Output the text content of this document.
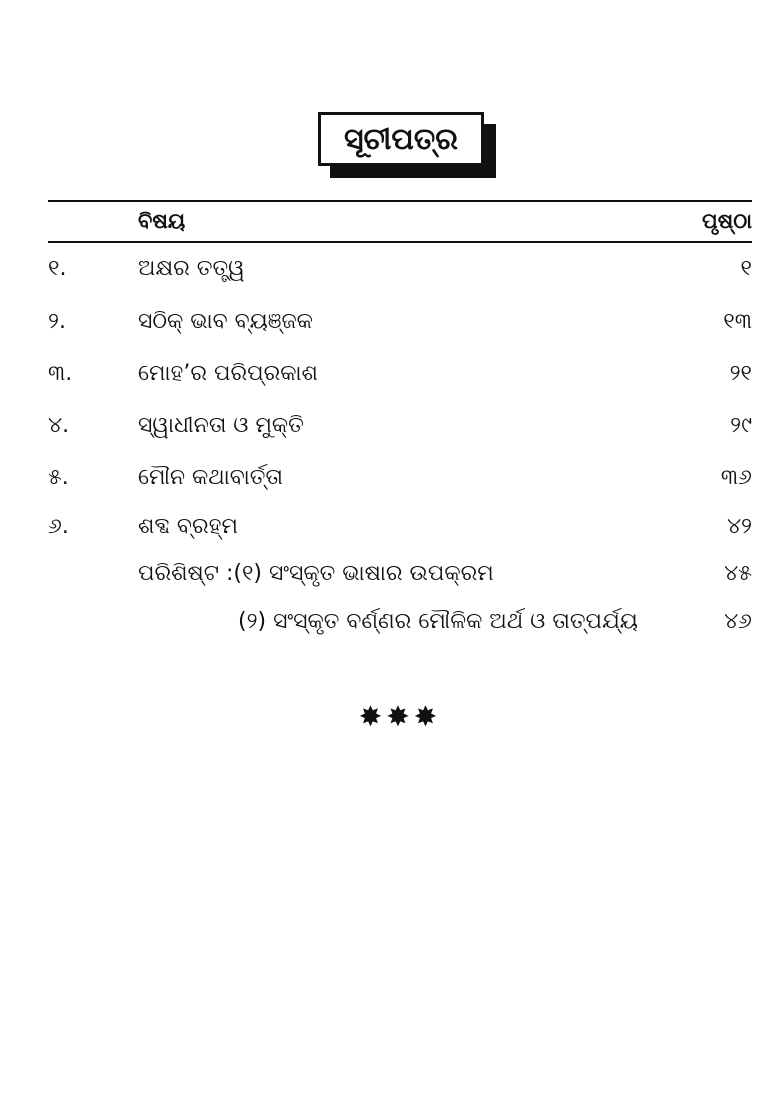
ସୂଚୀପତ୍ର
ବିଷୟ	ପୃଷ୍ଠା
୧.	ଅକ୍ଷର ତତ୍ତ୍ୱ	୧
୨.	ସଠିକ୍ ଭାବ ବ୍ୟଞ୍ଜକ	୧୩
୩.	ମୋହ’ର ପରିପ୍ରକାଶ	୨୧
୪.	ସ୍ୱାଧୀନତା ଓ ମୁକ୍ତି	୨୯
୫.	ମୌନ କଥାବାର୍ତ୍ତା	୩୬
୬.	ଶବ୍ଦ ବ୍ରହ୍ମ	୪୨
ପରିଶିଷ୍ଟ :(୧) ସଂସ୍କୃତ ଭାଷାର ଉପକ୍ରମ	୪୫
(୨) ସଂସ୍କୃତ ବର୍ଣ୍ଣର ମୌଳିକ ଅର୍ଥ ଓ ତାତ୍ପର୍ଯ୍ୟ	୪୬
✸✸✸
